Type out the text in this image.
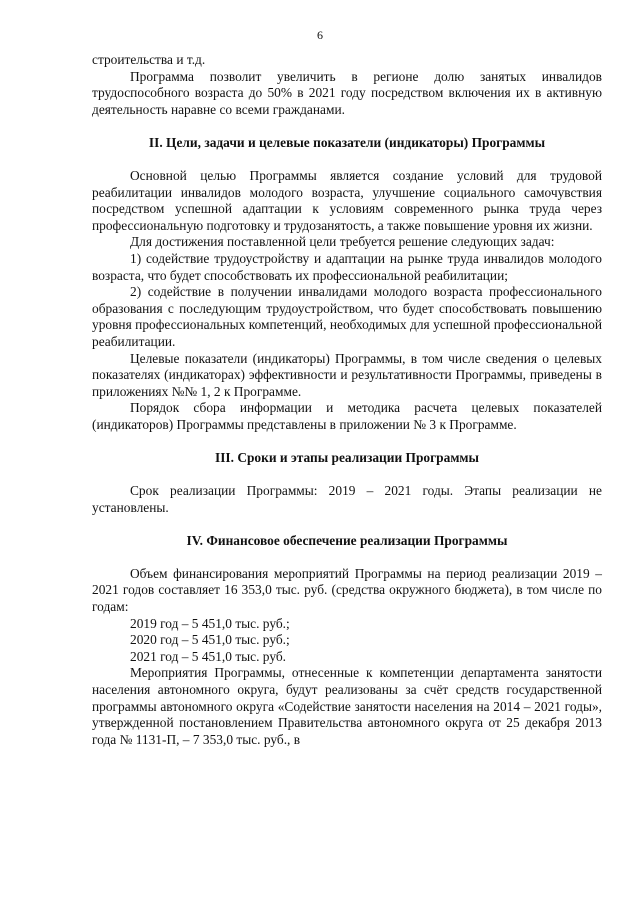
6

строительства и т.д.

Программа позволит увеличить в регионе долю занятых инвалидов трудоспособного возраста до 50% в 2021 году посредством включения их в активную деятельность наравне со всеми гражданами.

II. Цели, задачи и целевые показатели (индикаторы) Программы

Основной целью Программы является создание условий для трудовой реабилитации инвалидов молодого возраста, улучшение социального самочувствия посредством успешной адаптации к условиям современного рынка труда через профессиональную подготовку и трудозанятость, а также повышение уровня их жизни.

Для достижения поставленной цели требуется решение следующих задач:

1) содействие трудоустройству и адаптации на рынке труда инвалидов молодого возраста, что будет способствовать их профессиональной реабилитации;

2) содействие в получении инвалидами молодого возраста профессионального образования с последующим трудоустройством, что будет способствовать повышению уровня профессиональных компетенций, необходимых для успешной профессиональной реабилитации.

Целевые показатели (индикаторы) Программы, в том числе сведения о целевых показателях (индикаторах) эффективности и результативности Программы, приведены в приложениях №№ 1, 2 к Программе.

Порядок сбора информации и методика расчета целевых показателей (индикаторов) Программы представлены в приложении № 3 к Программе.

III. Сроки и этапы реализации Программы

Срок реализации Программы: 2019 – 2021 годы. Этапы реализации не установлены.

IV. Финансовое обеспечение реализации Программы

Объем финансирования мероприятий Программы на период реализации 2019 – 2021 годов составляет 16 353,0 тыс. руб. (средства окружного бюджета), в том числе по годам:

2019 год – 5 451,0 тыс. руб.;

2020 год – 5 451,0 тыс. руб.;

2021 год – 5 451,0 тыс. руб.

Мероприятия Программы, отнесенные к компетенции департамента занятости населения автономного округа, будут реализованы за счёт средств государственной программы автономного округа «Содействие занятости населения на 2014 – 2021 годы», утвержденной постановлением Правительства автономного округа от 25 декабря 2013 года № 1131-П, – 7 353,0 тыс. руб., в
